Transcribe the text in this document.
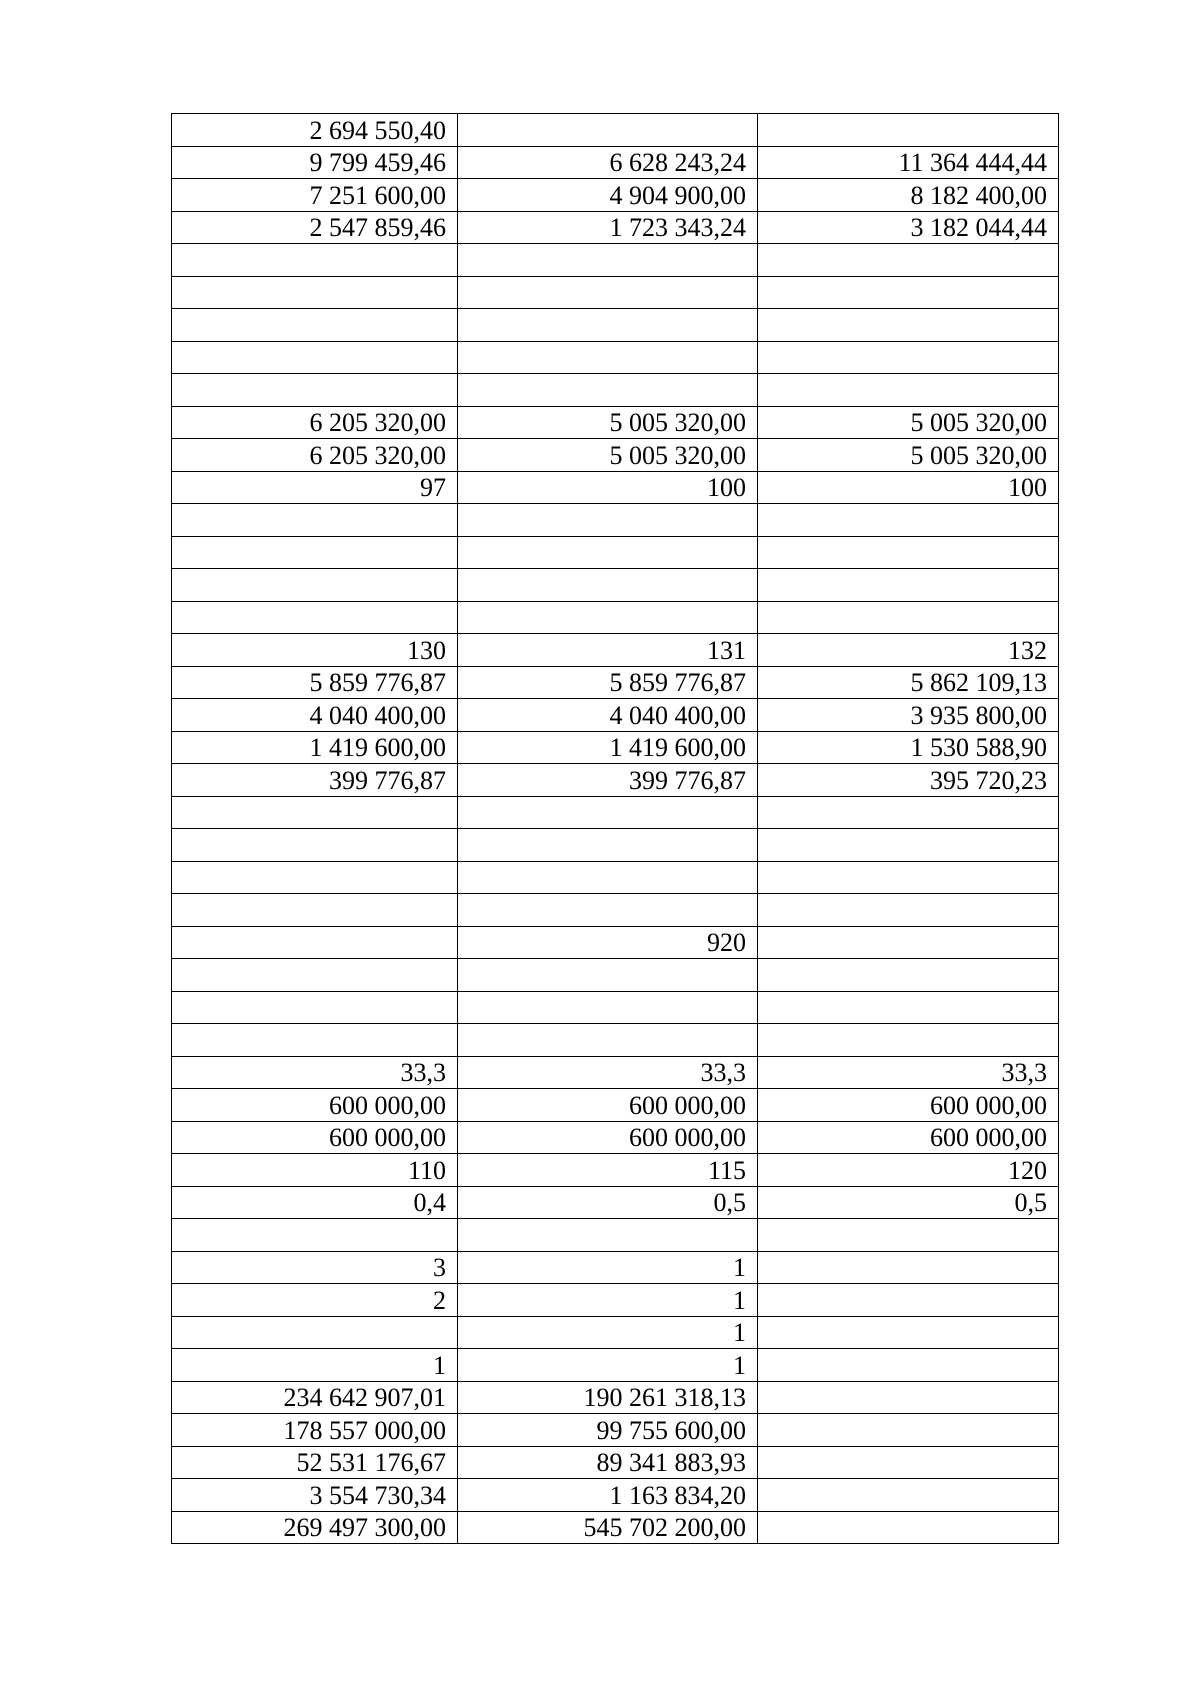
2 694 550,40		
9 799 459,46	6 628 243,24	11 364 444,44
7 251 600,00	4 904 900,00	8 182 400,00
2 547 859,46	1 723 343,24	3 182 044,44

6 205 320,00	5 005 320,00	5 005 320,00
6 205 320,00	5 005 320,00	5 005 320,00
97	100	100

130	131	132
5 859 776,87	5 859 776,87	5 862 109,13
4 040 400,00	4 040 400,00	3 935 800,00
1 419 600,00	1 419 600,00	1 530 588,90
399 776,87	399 776,87	395 720,23

	920	

33,3	33,3	33,3
600 000,00	600 000,00	600 000,00
600 000,00	600 000,00	600 000,00
110	115	120
0,4	0,5	0,5

3	1	
2	1	
	1	
1	1	
234 642 907,01	190 261 318,13	
178 557 000,00	99 755 600,00	
52 531 176,67	89 341 883,93	
3 554 730,34	1 163 834,20	
269 497 300,00	545 702 200,00	
